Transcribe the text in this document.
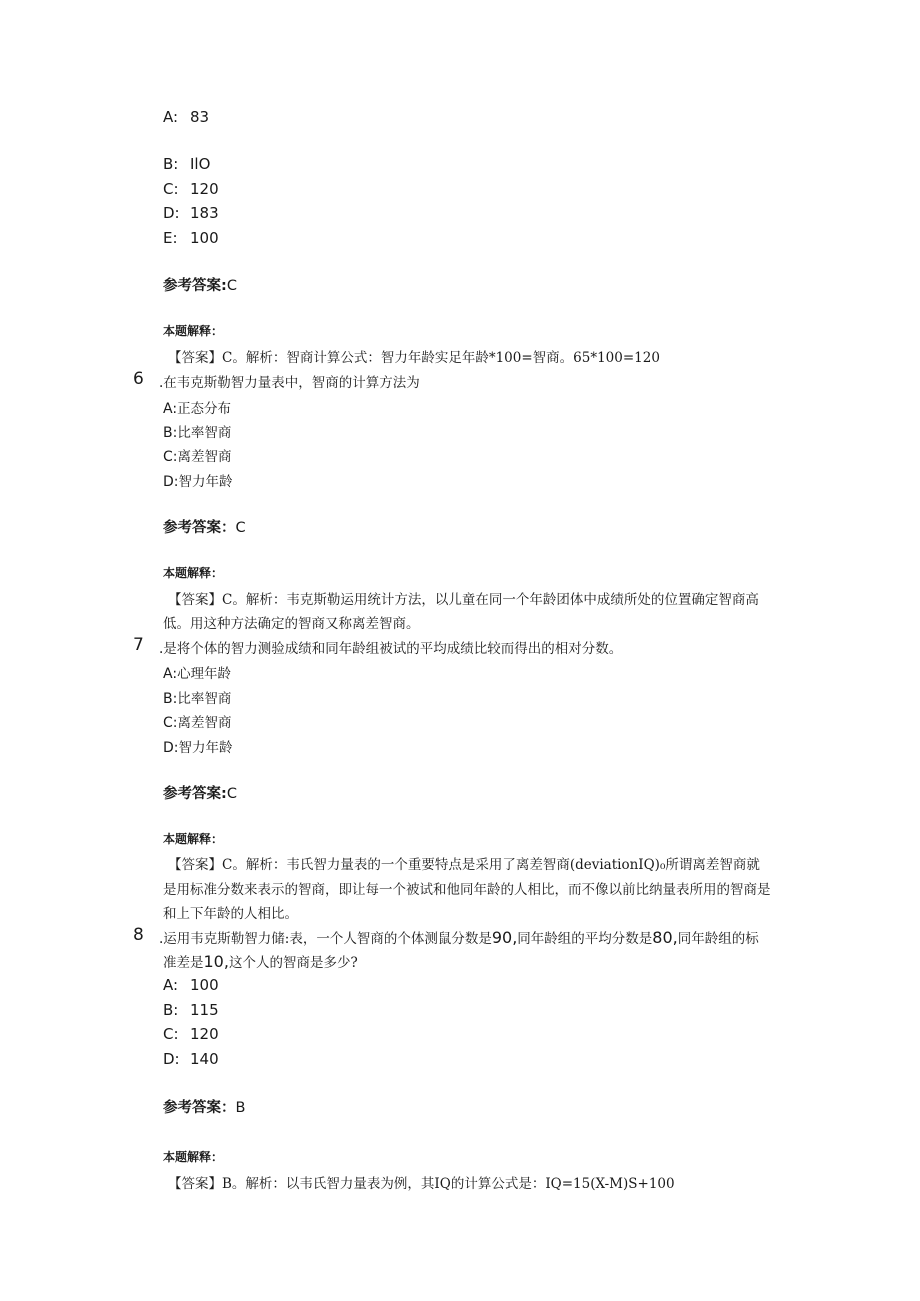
A: 83
B: IlO
C: 120
D: 183
E: 100
参考答案:C
本题解释：
【答案】C。解析：智商计算公式：智力年龄实足年龄*100=智商。65*100=120
6 .在韦克斯勒智力量表中，智商的计算方法为
A:正态分布
B:比率智商
C:离差智商
D:智力年龄
参考答案：C
本题解释：
【答案】C。解析：韦克斯勒运用统计方法，以儿童在同一个年龄团体中成绩所处的位置确定智商高
低。用这种方法确定的智商又称离差智商。
7 .是将个体的智力测验成绩和同年龄组被试的平均成绩比较而得出的相对分数。
A:心理年龄
B:比率智商
C:离差智商
D:智力年龄
参考答案:C
本题解释：
【答案】C。解析：韦氏智力量表的一个重要特点是采用了离差智商(deviationIQ)₀所谓离差智商就
是用标准分数来表示的智商，即让每一个被试和他同年龄的人相比，而不像以前比纳量表所用的智商是
和上下年龄的人相比。
8 .运用韦克斯勒智力储:表，一个人智商的个体测鼠分数是90,同年龄组的平均分数是80,同年龄组的标
准差是10,这个人的智商是多少?
A: 100
B: 115
C: 120
D: 140
参考答案：B
本题解释：
【答案】B。解析：以韦氏智力量表为例，其IQ的计算公式是：IQ=15(X-M)S+100
